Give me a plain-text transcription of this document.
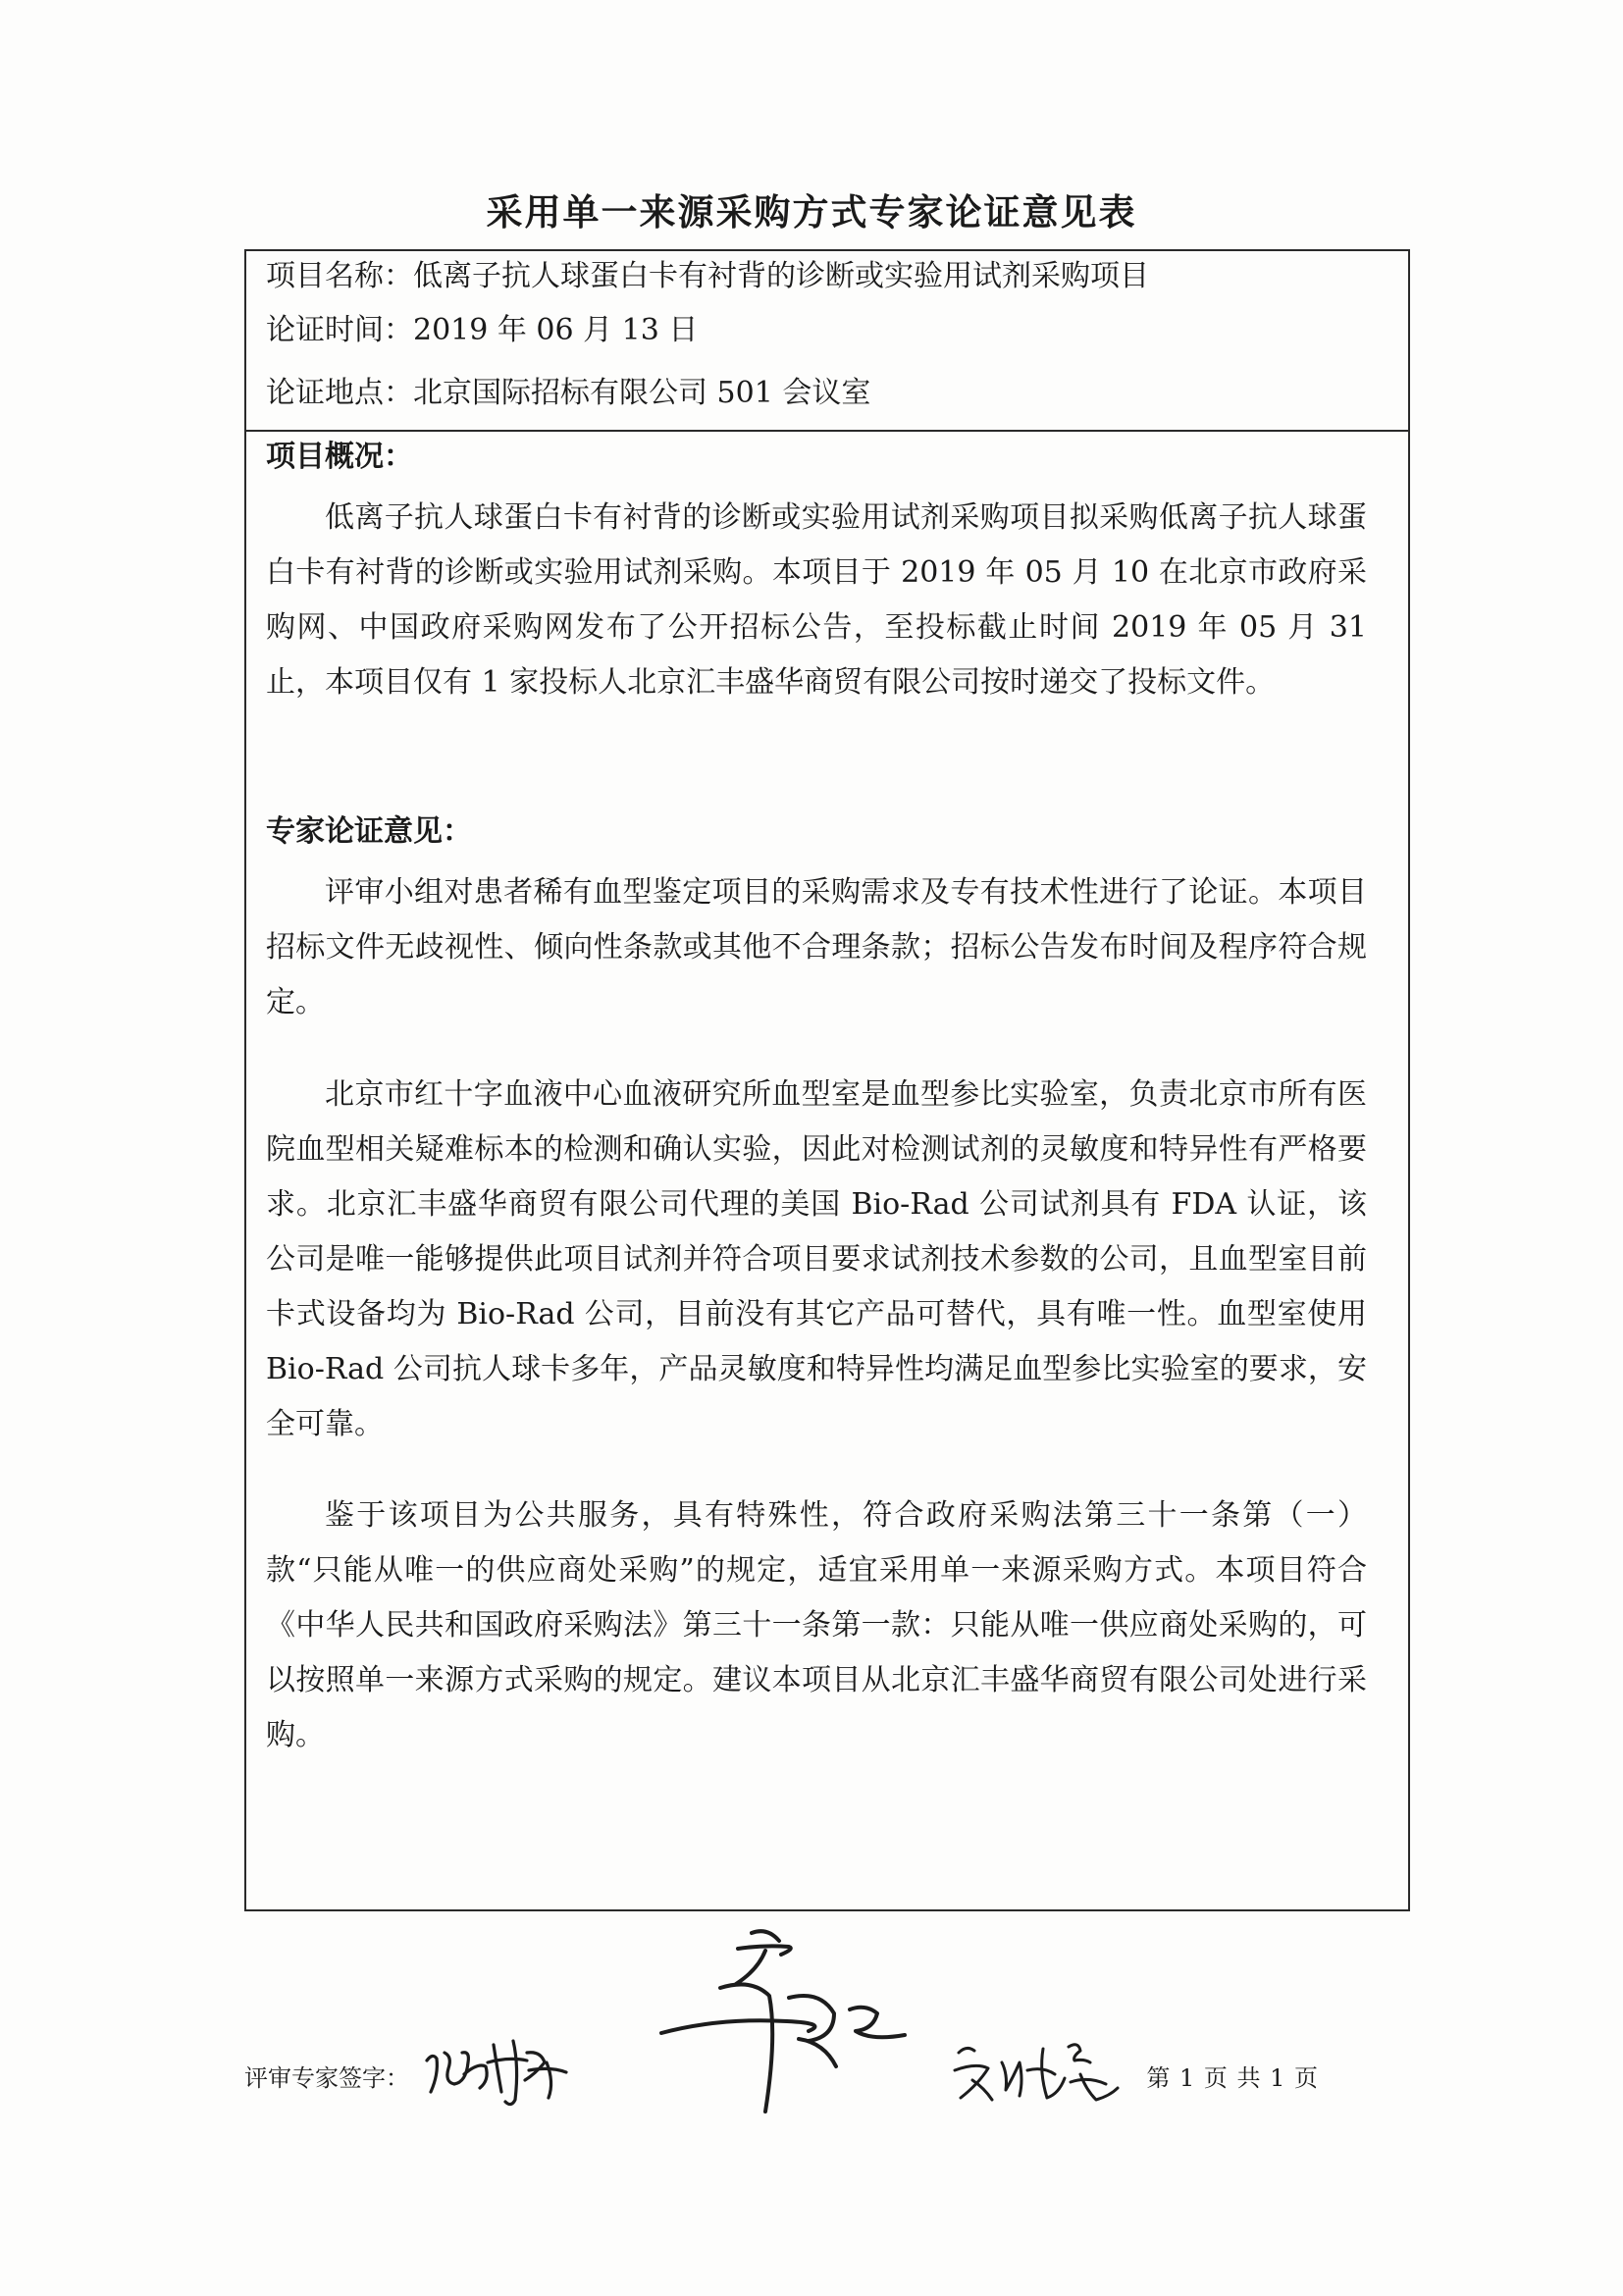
采用单一来源采购方式专家论证意见表
项目名称：低离子抗人球蛋白卡有衬背的诊断或实验用试剂采购项目
论证时间：2019 年 06 月 13 日
论证地点：北京国际招标有限公司 501 会议室
项目概况：

低离子抗人球蛋白卡有衬背的诊断或实验用试剂采购项目拟采购低离子抗人球蛋白卡有衬背的诊断或实验用试剂采购。本项目于 2019 年 05 月 10 在北京市政府采购网、中国政府采购网发布了公开招标公告，至投标截止时间 2019 年 05 月 31 止，本项目仅有 1 家投标人北京汇丰盛华商贸有限公司按时递交了投标文件。

专家论证意见：

评审小组对患者稀有血型鉴定项目的采购需求及专有技术性进行了论证。本项目招标文件无歧视性、倾向性条款或其他不合理条款；招标公告发布时间及程序符合规定。

北京市红十字血液中心血液研究所血型室是血型参比实验室，负责北京市所有医院血型相关疑难标本的检测和确认实验，因此对检测试剂的灵敏度和特异性有严格要求。北京汇丰盛华商贸有限公司代理的美国 Bio-Rad 公司试剂具有 FDA 认证，该公司是唯一能够提供此项目试剂并符合项目要求试剂技术参数的公司，且血型室目前卡式设备均为 Bio-Rad 公司，目前没有其它产品可替代，具有唯一性。血型室使用 Bio-Rad 公司抗人球卡多年，产品灵敏度和特异性均满足血型参比实验室的要求，安全可靠。

鉴于该项目为公共服务，具有特殊性，符合政府采购法第三十一条第（一）款“只能从唯一的供应商处采购”的规定，适宜采用单一来源采购方式。本项目符合《中华人民共和国政府采购法》第三十一条第一款：只能从唯一供应商处采购的，可以按照单一来源方式采购的规定。建议本项目从北京汇丰盛华商贸有限公司处进行采购。

评审专家签字：	第 1 页 共 1 页
